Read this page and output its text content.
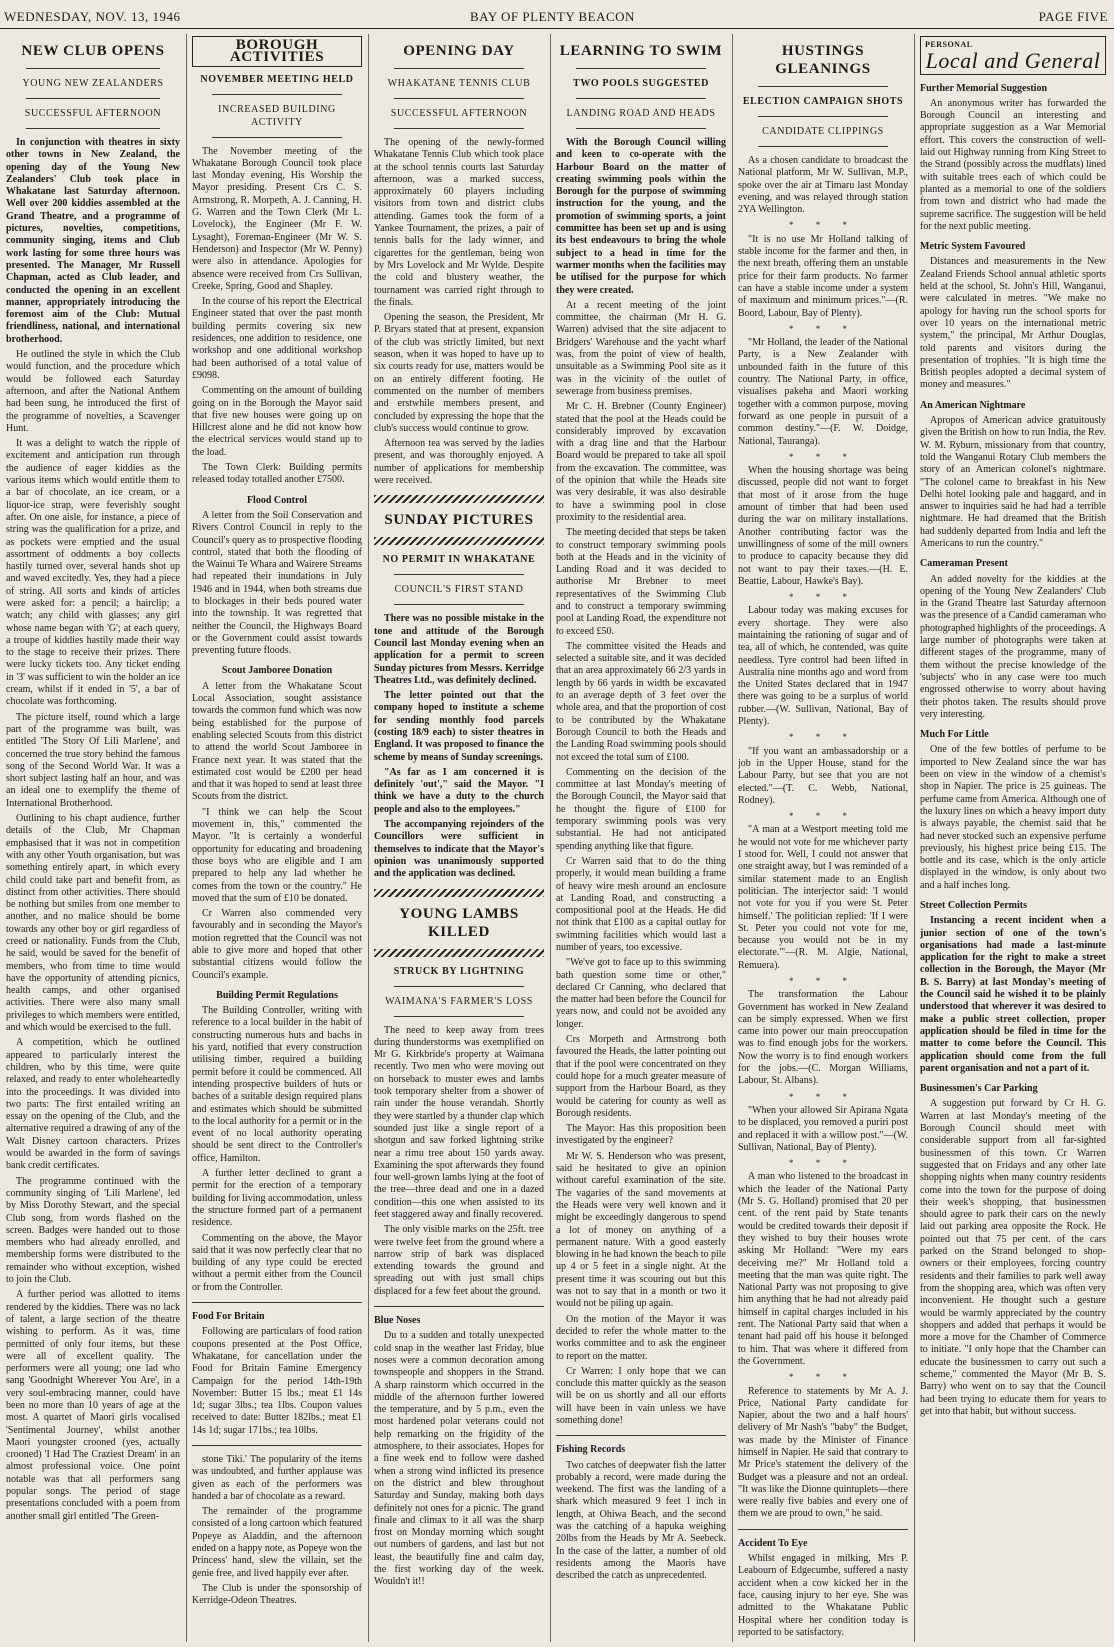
WEDNESDAY, NOV. 13, 1946	BAY OF PLENTY BEACON	PAGE FIVE
NEW CLUB OPENS
YOUNG NEW ZEALANDERS
SUCCESSFUL AFTERNOON

In conjunction with theatres in sixty other towns in New Zealand, the opening day of the Young New Zealanders' Club took place in Whakatane last Saturday afternoon. Well over 200 kiddies assembled at the Grand Theatre, and a programme of pictures, novelties, competitions, community singing, items and Club work lasting for some three hours was presented. The Manager, Mr Russell Chapman, acted as Club leader, and conducted the opening in an excellent manner, appropriately introducing the foremost aim of the Club: Mutual friendliness, national, and international brotherhood.

He outlined the style in which the Club would function, and the procedure which would be followed each Saturday afternoon, and after the National Anthem had been sung, he introduced the first of the programme of novelties, a Scavenger Hunt.

It was a delight to watch the ripple of excitement and anticipation run through the audience of eager kiddies as the various items which would entitle them to a bar of chocolate, an ice cream, or a liquor-ice strap, were feverishly sought after. On one aisle, for instance, a piece of string was the qualification for a prize, and as pockets were emptied and the usual assortment of oddments a boy collects hastily turned over, several hands shot up and waved excitedly. Yes, they had a piece of string. All sorts and kinds of articles were asked for: a pencil; a hairclip; a watch; any child with glasses; any girl whose name began with 'G'; at each query, a troupe of kiddies hastily made their way to the stage to receive their prizes. There were lucky tickets too. Any ticket ending in '3' was sufficient to win the holder an ice cream, whilst if it ended in '5', a bar of chocolate was forthcoming.

The picture itself, round which a large part of the programme was built, was entitled 'The Story Of Lili Marlene', and concerned the true story behind the famous song of the Second World War. It was a short subject lasting half an hour, and was an ideal one to exemplify the theme of International Brotherhood.

Outlining to his chapt audience, further details of the Club, Mr Chapman emphasised that it was not in competition with any other Youth organisation, but was something entirely apart, in which every child could take part and benefit from, as distinct from other activities. There should be nothing but smiles from one member to another, and no malice should be borne towards any other boy or girl regardless of creed or nationality. Funds from the Club, he said, would be saved for the benefit of members, who from time to time would have the opportunity of attending picnics, health camps, and other organised activities. There were also many small privileges to which members were entitled, and which would be exercised to the full.

A competition, which he outlined appeared to particularly interest the children, who by this time, were quite relaxed, and ready to enter wholeheartedly into the proceedings. It was divided into two parts: The first entailed writing an essay on the opening of the Club, and the alternative required a drawing of any of the Walt Disney cartoon characters. Prizes would be awarded in the form of savings bank credit certificates.

The programme continued with the community singing of 'Lili Marlene', led by Miss Dorothy Stewart, and the special Club song, from words flashed on the screen. Badges were handed out to those members who had already enrolled, and membership forms were distributed to the remainder who without exception, wished to join the Club.

A further period was allotted to items rendered by the kiddies. There was no lack of talent, a large section of the theatre wishing to perform. As it was, time permitted of only four items, but these were all of excellent quality. The performers were all young; one lad who sang 'Goodnight Wherever You Are', in a very soul-embracing manner, could have been no more than 10 years of age at the most. A quartet of Maori girls vocalised 'Sentimental Journey', whilst another Maori youngster crooned (yes, actually crooned) 'I Had The Craziest Dream' in an almost professional voice. One point notable was that all performers sang popular songs. The period of stage presentations concluded with a poem from another small girl entitled 'The Green-

BOROUGH ACTIVITIES
NOVEMBER MEETING HELD
INCREASED BUILDING ACTIVITY

The November meeting of the Whakatane Borough Council took place last Monday evening, His Worship the Mayor presiding. Present Crs C. S. Armstrong, R. Morpeth, A. J. Canning, H. G. Warren and the Town Clerk (Mr L. Lovelock), the Engineer (Mr F. W. Lysaght), Foreman-Engineer (Mr W. S. Henderson) and Inspector (Mr W. Penny) were also in attendance. Apologies for absence were received from Crs Sullivan, Creeke, Spring, Good and Shapley.

In the course of his report the Electrical Engineer stated that over the past month building permits covering six new residences, one addition to residence, one workshop and one additional workshop had been authorised of a total value of £9098.

Commenting on the amount of building going on in the Borough the Mayor said that five new houses were going up on Hillcrest alone and he did not know how the electrical services would stand up to the load.

The Town Clerk: Building permits released today totalled another £7500.

Flood Control

A letter from the Soil Conservation and Rivers Control Council in reply to the Council's query as to prospective flooding control, stated that both the flooding of the Wainui Te Whara and Wairere Streams had repeated their inundations in July 1946 and in 1944, when both streams due to blockages in their beds poured water into the township. It was regretted that neither the Council, the Highways Board or the Government could assist towards preventing future floods.

Scout Jamboree Donation

A letter from the Whakatane Scout Local Association, sought assistance towards the common fund which was now being established for the purpose of enabling selected Scouts from this district to attend the world Scout Jamboree in France next year. It was stated that the estimated cost would be £200 per head and that it was hoped to send at least three Scouts from the district.

"I think we can help the Scout movement in, this," commented the Mayor. "It is certainly a wonderful opportunity for educating and broadening those boys who are eligible and I am prepared to help any lad whether he comes from the town or the country." He moved that the sum of £10 be donated.

Cr Warren also commended very favourably and in seconding the Mayor's motion regretted that the Council was not able to give more and hoped that other substantial citizens would follow the Council's example.

Building Permit Regulations

The Building Controller, writing with reference to a local builder in the habit of constructing numerous huts and bachs in his yard, notified that every construction utilising timber, required a building permit before it could be commenced. All intending prospective builders of huts or baches of a suitable design required plans and estimates which should be submitted to the local authority for a permit or in the event of no local authority operating should be sent direct to the Controller's office, Hamilton.

A further letter declined to grant a permit for the erection of a temporary building for living accommodation, unless the structure formed part of a permanent residence.

Commenting on the above, the Mayor said that it was now perfectly clear that no building of any type could be erected without a permit either from the Council or from the Controller.

Food For Britain

Following are particulars of food ration coupons presented at the Post Office, Whakatane, for cancellation under the Food for Britain Famine Emergency Campaign for the period 14th-19th November: Butter 15 lbs.; meat £1 14s 1d; sugar 3lbs.; tea 1lbs. Coupon values received to date: Butter 182lbs.; meat £1 14s 1d; sugar 171bs.; tea 10lbs.

stone Tiki.' The popularity of the items was undoubted, and further applause was given as each of the performers was handed a bar of chocolate as a reward.

The remainder of the programme consisted of a long cartoon which featured Popeye as Aladdin, and the afternoon ended on a happy note, as Popeye won the Princess' hand, slew the villain, set the genie free, and lived happily ever after.

The Club is under the sponsorship of Kerridge-Odeon Theatres.

OPENING DAY
WHAKATANE TENNIS CLUB
SUCCESSFUL AFTERNOON

The opening of the newly-formed Whakatane Tennis Club which took place at the school tennis courts last Saturday afternoon, was a marked success, approximately 60 players including visitors from town and district clubs attending. Games took the form of a Yankee Tournament, the prizes, a pair of tennis balls for the lady winner, and cigarettes for the gentleman, being won by Mrs Lovelock and Mr Wylde. Despite the cold and blustery weather, the tournament was carried right through to the finals.

Opening the season, the President, Mr P. Bryars stated that at present, expansion of the club was strictly limited, but next season, when it was hoped to have up to six courts ready for use, matters would be on an entirely different footing. He commented on the number of members and erstwhile members present, and concluded by expressing the hope that the club's success would continue to grow.

Afternoon tea was served by the ladies present, and was thoroughly enjoyed. A number of applications for membership were received.

SUNDAY PICTURES
NO PERMIT IN WHAKATANE
COUNCIL'S FIRST STAND

There was no possible mistake in the tone and attitude of the Borough Council last Monday evening when an application for a permit to screen Sunday pictures from Messrs. Kerridge Theatres Ltd., was definitely declined.

The letter pointed out that the company hoped to institute a scheme for sending monthly food parcels (costing 18/9 each) to sister theatres in England. It was proposed to finance the scheme by means of Sunday screenings.

"As far as I am concerned it is definitely 'out'," said the Mayor. "I think we have a duty to the church people and also to the employees."

The accompanying rejoinders of the Councillors were sufficient in themselves to indicate that the Mayor's opinion was unanimously supported and the application was declined.

YOUNG LAMBS KILLED
STRUCK BY LIGHTNING
WAIMANA'S FARMER'S LOSS

The need to keep away from trees during thunderstorms was exemplified on Mr G. Kirkbride's property at Waimana recently. Two men who were moving out on horseback to muster ewes and lambs took temporary shelter from a shower of rain under the house verandah. Shortly they were startled by a thunder clap which sounded just like a single report of a shotgun and saw forked lightning strike near a rimu tree about 150 yards away. Examining the spot afterwards they found four well-grown lambs lying at the foot of the tree—three dead and one in a dazed condition—this one when assisted to its feet staggered away and finally recovered.

The only visible marks on the 25ft. tree were twelve feet from the ground where a narrow strip of bark was displaced extending towards the ground and spreading out with just small chips displaced for a few feet about the ground.

Blue Noses

Du to a sudden and totally unexpected cold snap in the weather last Friday, blue noses were a common decoration among townspeople and shoppers in the Strand. A sharp rainstorm which occurred in the middle of the afternoon further lowered the temperature, and by 5 p.m., even the most hardened polar veterans could not help remarking on the frigidity of the atmosphere, to their associates. Hopes for a fine week end to follow were dashed when a strong wind inflicted its presence on the district and blew throughout Saturday and Sunday, making both days definitely not ones for a picnic. The grand finale and climax to it all was the sharp frost on Monday morning which sought out numbers of gardens, and last but not least, the beautifully fine and calm day, the first working day of the week. Wouldn't it!!

LEARNING TO SWIM
TWO POOLS SUGGESTED
LANDING ROAD AND HEADS

With the Borough Council willing and keen to co-operate with the Harbour Board on the matter of creating swimming pools within the Borough for the purpose of swimming instruction for the young, and the promotion of swimming sports, a joint committee has been set up and is using its best endeavours to bring the whole subject to a head in time for the warmer months when the facilities may be utilised for the purpose for which they were created.

At a recent meeting of the joint committee, the chairman (Mr H. G. Warren) advised that the site adjacent to Bridgers' Warehouse and the yacht wharf was, from the point of view of health, unsuitable as a Swimming Pool site as it was in the vicinity of the outlet of sewerage from business premises.

Mr C. H. Brebner (County Engineer) stated that the pool at the Heads could be considerably improved by excavation with a drag line and that the Harbour Board would be prepared to take all spoil from the excavation. The committee, was of the opinion that while the Heads site was very desirable, it was also desirable to have a swimming pool in close proximity to the residential area.

The meeting decided that steps be taken to construct temporary swimming pools both at the Heads and in the vicinity of Landing Road and it was decided to authorise Mr Brebner to meet representatives of the Swimming Club and to construct a temporary swimming pool at Landing Road, the expenditure not to exceed £50.

The committee visited the Heads and selected a suitable site, and it was decided that an area approximately 66 2/3 yards in length by 66 yards in width be excavated to an average depth of 3 feet over the whole area, and that the proportion of cost to be contributed by the Whakatane Borough Council to both the Heads and the Landing Road swimming pools should not exceed the total sum of £100.

Commenting on the decision of the committee at last Monday's meeting of the Borough Council, the Mayor said that he thought the figure of £100 for temporary swimming pools was very substantial. He had not anticipated spending anything like that figure.

Cr Warren said that to do the thing properly, it would mean building a frame of heavy wire mesh around an enclosure at Landing Road, and constructing a compositional pool at the Heads. He did not think that £100 as a capital outlay for swimming facilities which would last a number of years, too excessive.

"We've got to face up to this swimming bath question some time or other," declared Cr Canning, who declared that the matter had been before the Council for years now, and could not be avoided any longer.

Crs Morpeth and Armstrong both favoured the Heads, the latter pointing out that if the pool were concentrated on they could hope for a much greater measure of support from the Harbour Board, as they would be catering for county as well as Borough residents.

The Mayor: Has this proposition been investigated by the engineer?

Mr W. S. Henderson who was present, said he hesitated to give an opinion without careful examination of the site. The vagaries of the sand movements at the Heads were very well known and it might be exceedingly dangerous to spend a lot of money on anything of a permanent nature. With a good easterly blowing in he had known the beach to pile up 4 or 5 feet in a single night. At the present time it was scouring out but this was not to say that in a month or two it would not be piling up again.

On the motion of the Mayor it was decided to refer the whole matter to the works committee and to ask the engineer to report on the matter.

Cr Warren: I only hope that we can conclude this matter quickly as the season will be on us shortly and all our efforts will have been in vain unless we have something done!

Fishing Records

Two catches of deepwater fish the latter probably a record, were made during the weekend. The first was the landing of a shark which measured 9 feet 1 inch in length, at Ohiwa Beach, and the second was the catching of a hapuka weighing 20lbs from the Heads by Mr A. Seebeck. In the case of the latter, a number of old residents among the Maoris have described the catch as unprecedented.

HUSTINGS GLEANINGS
ELECTION CAMPAIGN SHOTS
CANDIDATE CLIPPINGS

As a chosen candidate to broadcast the National platform, Mr W. Sullivan, M.P., spoke over the air at Timaru last Monday evening, and was relayed through station 2YA Wellington.

* * *

"It is no use Mr Holland talking of stable income for the farmer and then, in the next breath, offering them an unstable price for their farm products. No farmer can have a stable income under a system of maximum and minimum prices."—(R. Boord, Labour, Bay of Plenty).

* * *

"Mr Holland, the leader of the National Party, is a New Zealander with unbounded faith in the future of this country. The National Party, in office, visualises pakeha and Maori working together with a common purpose, moving forward as one people in pursuit of a common destiny."—(F. W. Doidge, National, Tauranga).

* * *

When the housing shortage was being discussed, people did not want to forget that most of it arose from the huge amount of timber that had been used during the war on military installations. Another contributing factor was the unwillingness of some of the mill owners to produce to capacity because they did not want to pay their taxes.—(H. E. Beattie, Labour, Hawke's Bay).

* * *

Labour today was making excuses for every shortage. They were also maintaining the rationing of sugar and of tea, all of which, he contended, was quite needless. Tyre control had been lifted in Australia nine months ago and word from the United States declared that in 1947 there was going to be a surplus of world rubber.—(W. Sullivan, National, Bay of Plenty).

* * *

"If you want an ambassadorship or a job in the Upper House, stand for the Labour Party, but see that you are not elected."—(T. C. Webb, National, Rodney).

* * *

"A man at a Westport meeting told me he would not vote for me whichever party I stood for. Well, I could not answer that one straight away, but I was reminded of a similar statement made to an English politician. The interjector said: 'I would not vote for you if you were St. Peter himself.' The politician replied: 'If I were St. Peter you could not vote for me, because you would not be in my electorate.'"—(R. M. Algie, National, Remuera).

* * *

The transformation the Labour Government has worked in New Zealand can be simply expressed. When we first came into power our main preoccupation was to find enough jobs for the workers. Now the worry is to find enough workers for the jobs.—(C. Morgan Williams, Labour, St. Albans).

* * *

"When your allowed Sir Apirana Ngata to be displaced, you removed a puriri post and replaced it with a willow post."—(W. Sullivan, National, Bay of Plenty).

* * *

A man who listened to the broadcast in which the leader of the National Party (Mr S. G. Holland) promised that 20 per cent. of the rent paid by State tenants would be credited towards their deposit if they wished to buy their houses wrote asking Mr Holland: "Were my ears deceiving me?" Mr Holland told a meeting that the man was quite right. The National Party was not proposing to give him anything that he had not already paid himself in capital charges included in his rent. The National Party said that when a tenant had paid off his house it belonged to him. That was where it differed from the Government.

* * *

Reference to statements by Mr A. J. Price, National Party candidate for Napier, about the two and a half hours' delivery of Mr Nash's "baby" the Budget, was made by the Minister of Finance himself in Napier. He said that contrary to Mr Price's statement the delivery of the Budget was a pleasure and not an ordeal. "It was like the Dionne quintuplets—there were really five babies and every one of them we are proud to own," he said.

Accident To Eye

Whilst engaged in milking, Mrs P. Leabourn of Edgecumbe, suffered a nasty accident when a cow kicked her in the face, causing injury to her eye. She was admitted to the Whakatane Public Hospital where her condition today is reported to be satisfactory.

PERSONAL
Local and General
Further Memorial Suggestion

An anonymous writer has forwarded the Borough Council an interesting and appropriate suggestion as a War Memorial effort. This covers the construction of well-laid out Highway running from King Street to the Strand (possibly across the mudflats) lined with suitable trees each of which could be planted as a memorial to one of the soldiers from town and district who had made the supreme sacrifice. The suggestion will be held for the next public meeting.

Metric System Favoured

Distances and measurements in the New Zealand Friends School annual athletic sports held at the school, St. John's Hill, Wanganui, were calculated in metres. "We make no apology for having run the school sports for over 10 years on the international metric system," the principal, Mr Arthur Douglas, told parents and visitors during the presentation of trophies. "It is high time the British peoples adopted a decimal system of money and measures."

An American Nightmare

Apropos of American advice gratuitously given the British on how to run India, the Rev. W. M. Ryburn, missionary from that country, told the Wanganui Rotary Club members the story of an American colonel's nightmare. "The colonel came to breakfast in his New Delhi hotel looking pale and haggard, and in answer to inquiries said he had had a terrible nightmare. He had dreamed that the British had suddenly departed from India and left the Americans to run the country."

Cameraman Present

An added novelty for the kiddies at the opening of the Young New Zealanders' Club in the Grand Theatre last Saturday afternoon was the presence of a Candid cameraman who photographed highlights of the proceedings. A large number of photographs were taken at different stages of the programme, many of them without the precise knowledge of the 'subjects' who in any case were too much engrossed otherwise to worry about having their photos taken. The results should prove very interesting.

Much For Little

One of the few bottles of perfume to be imported to New Zealand since the war has been on view in the window of a chemist's shop in Napier. The price is 25 guineas. The perfume came from America. Although one of the luxury lines on which a heavy import duty is always payable, the chemist said that he had never stocked such an expensive perfume previously, his highest price being £15. The bottle and its case, which is the only article displayed in the window, is only about two and a half inches long.

Street Collection Permits

Instancing a recent incident when a junior section of one of the town's organisations had made a last-minute application for the right to make a street collection in the Borough, the Mayor (Mr B. S. Barry) at last Monday's meeting of the Council said he wished it to be plainly understood that wherever it was desired to make a public street collection, proper application should be filed in time for the matter to come before the Council. This application should come from the full parent organisation and not a part of it.

Businessmen's Car Parking

A suggestion put forward by Cr H. G. Warren at last Monday's meeting of the Borough Council should meet with considerable support from all far-sighted businessmen of this town. Cr Warren suggested that on Fridays and any other late shopping nights when many country residents come into the town for the purpose of doing their week's shopping, that businessmen should agree to park their cars on the newly laid out parking area opposite the Rock. He pointed out that 75 per cent. of the cars parked on the Strand belonged to shop-owners or their employees, forcing country residents and their families to park well away from the shopping area, which was often very inconvenient. He thought such a gesture would be warmly appreciated by the country shoppers and added that perhaps it would be more a move for the Chamber of Commerce to initiate. "I only hope that the Chamber can educate the businessmen to carry out such a scheme," commented the Mayor (Mr B. S. Barry) who went on to say that the Council had been trying to educate them for years to get into that habit, but without success.
